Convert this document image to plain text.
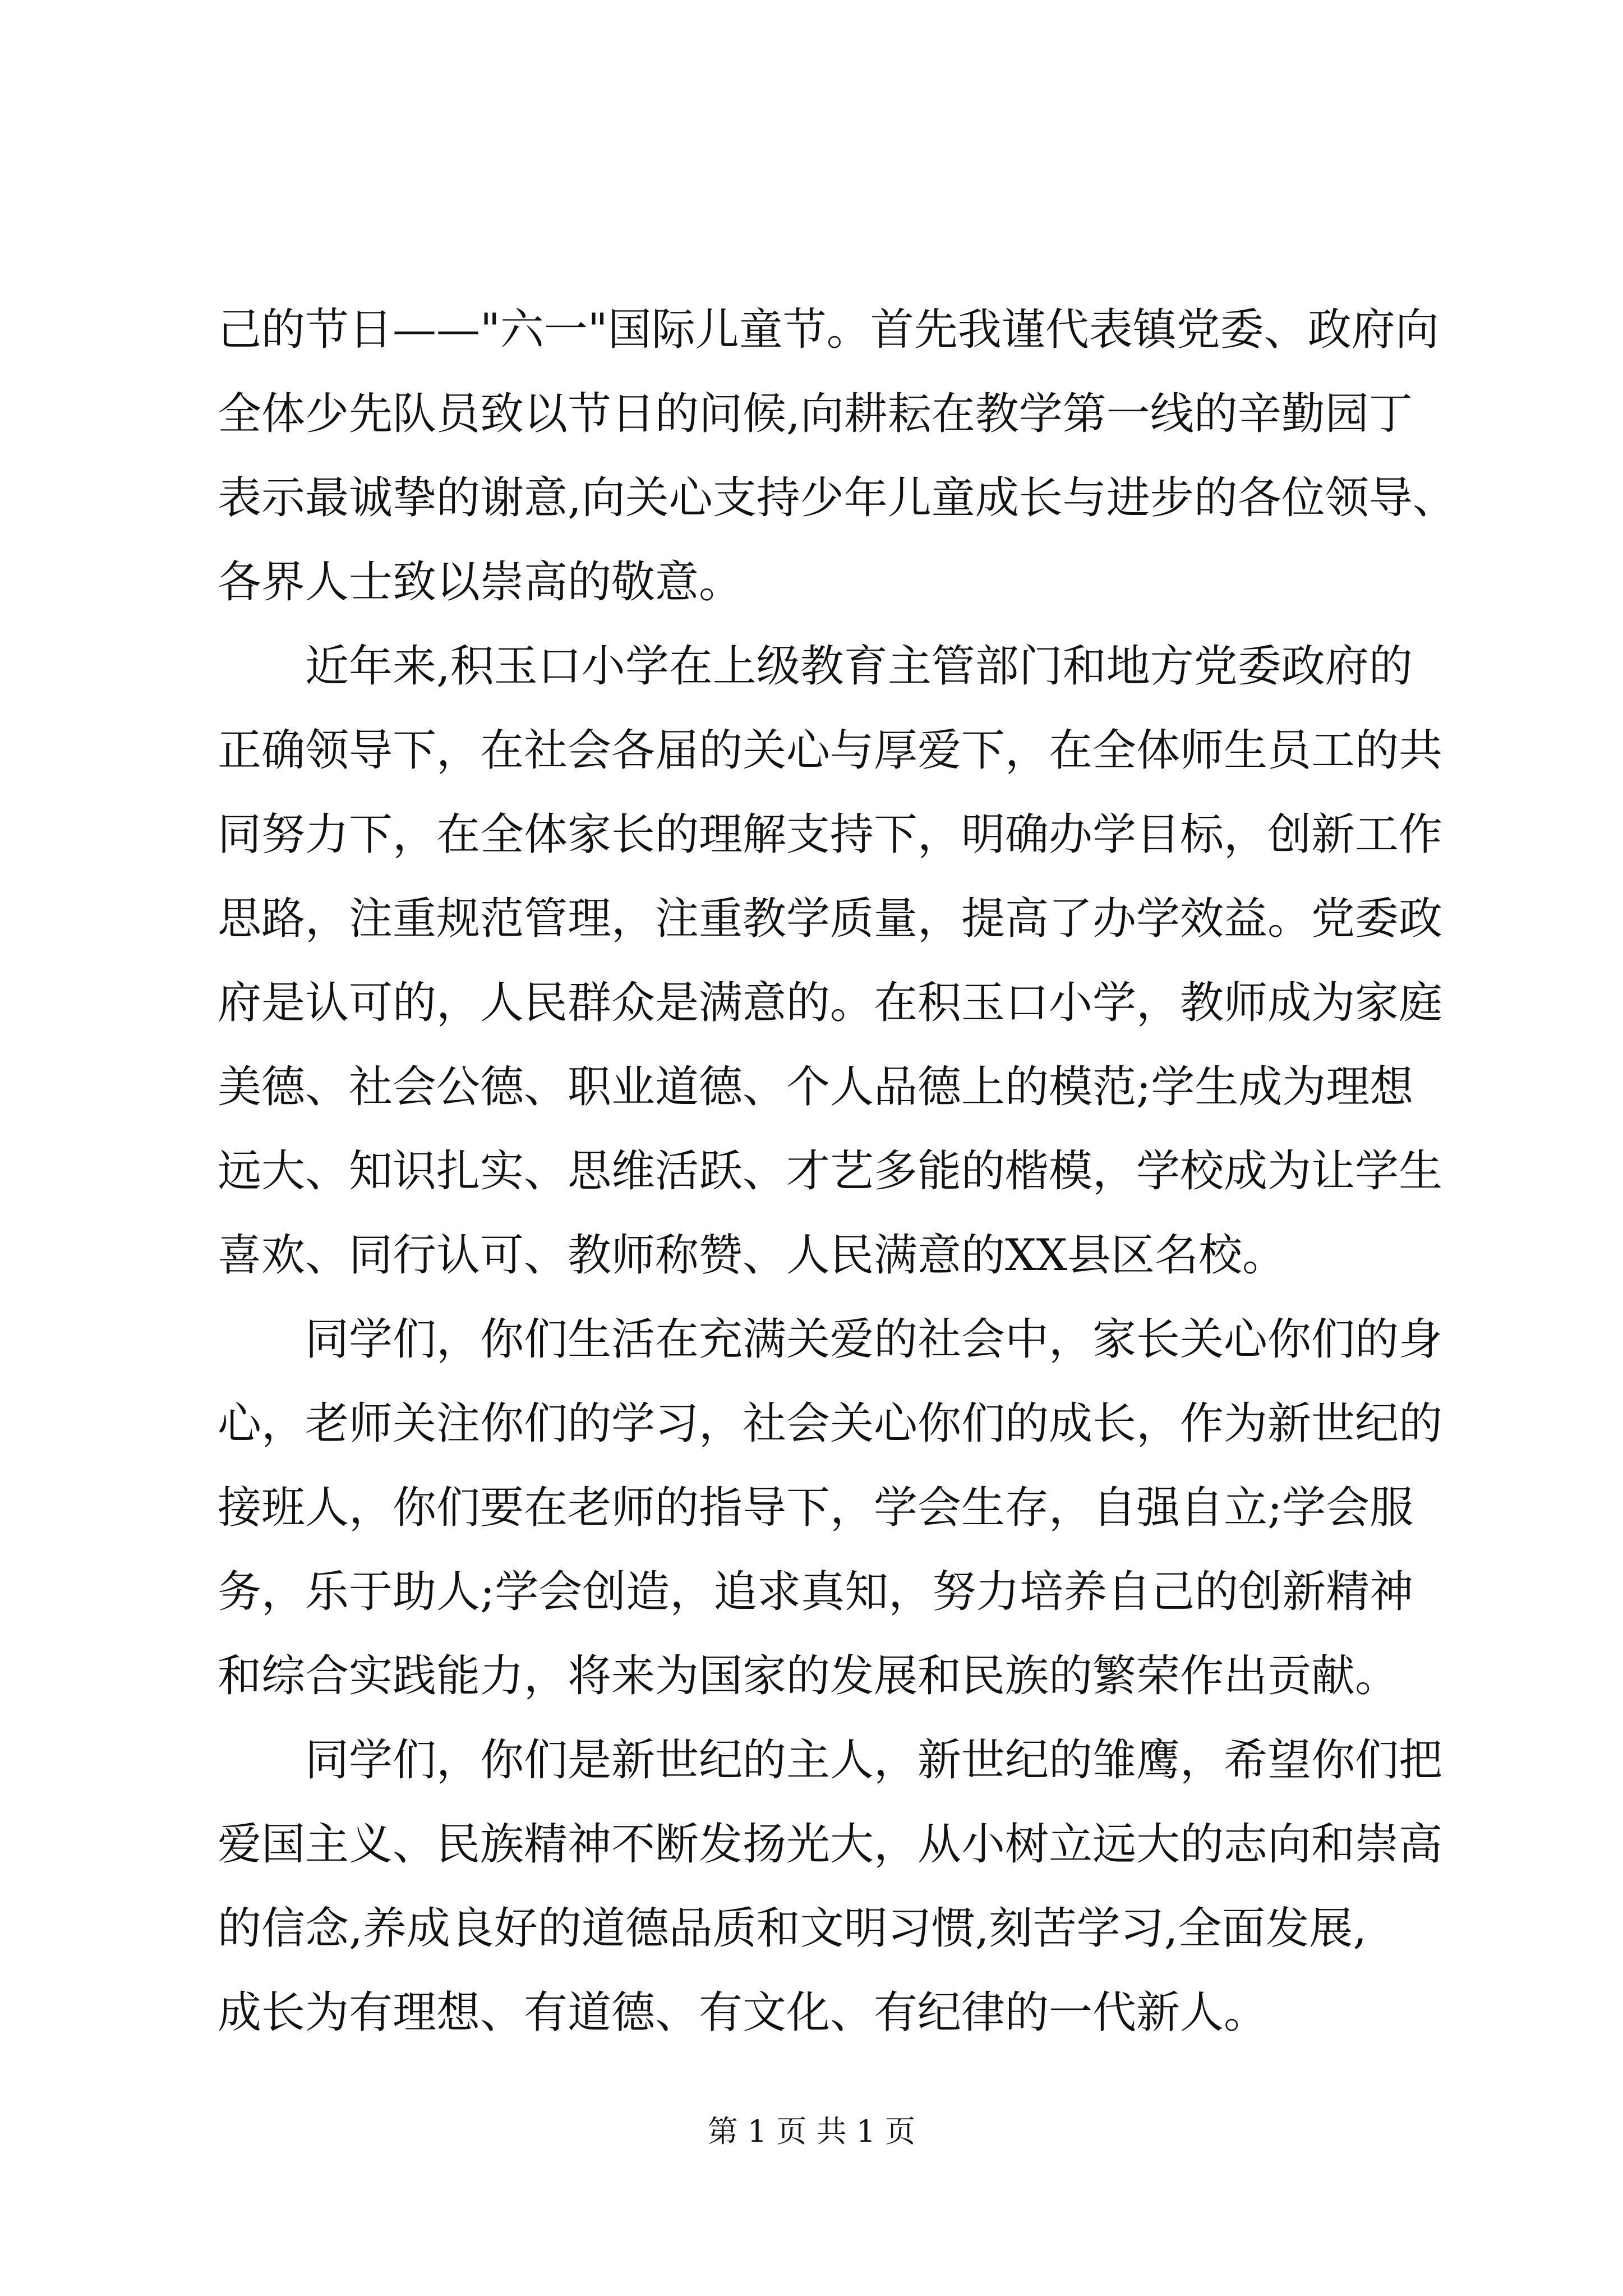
己的节日——"六一"国际儿童节。首先我谨代表镇党委、政府向
全体少先队员致以节日的问候,向耕耘在教学第一线的辛勤园丁
表示最诚挚的谢意,向关心支持少年儿童成长与进步的各位领导、
各界人士致以崇高的敬意。
近年来,积玉口小学在上级教育主管部门和地方党委政府的
正确领导下，在社会各届的关心与厚爱下，在全体师生员工的共
同努力下，在全体家长的理解支持下，明确办学目标，创新工作
思路，注重规范管理，注重教学质量，提高了办学效益。党委政
府是认可的，人民群众是满意的。在积玉口小学，教师成为家庭
美德、社会公德、职业道德、个人品德上的模范;学生成为理想
远大、知识扎实、思维活跃、才艺多能的楷模，学校成为让学生
喜欢、同行认可、教师称赞、人民满意的XX县区名校。
同学们，你们生活在充满关爱的社会中，家长关心你们的身
心，老师关注你们的学习，社会关心你们的成长，作为新世纪的
接班人，你们要在老师的指导下，学会生存，自强自立;学会服
务，乐于助人;学会创造，追求真知，努力培养自己的创新精神
和综合实践能力，将来为国家的发展和民族的繁荣作出贡献。
同学们，你们是新世纪的主人，新世纪的雏鹰，希望你们把
爱国主义、民族精神不断发扬光大，从小树立远大的志向和崇高
的信念,养成良好的道德品质和文明习惯,刻苦学习,全面发展,
成长为有理想、有道德、有文化、有纪律的一代新人。
第 1 页 共 1 页
